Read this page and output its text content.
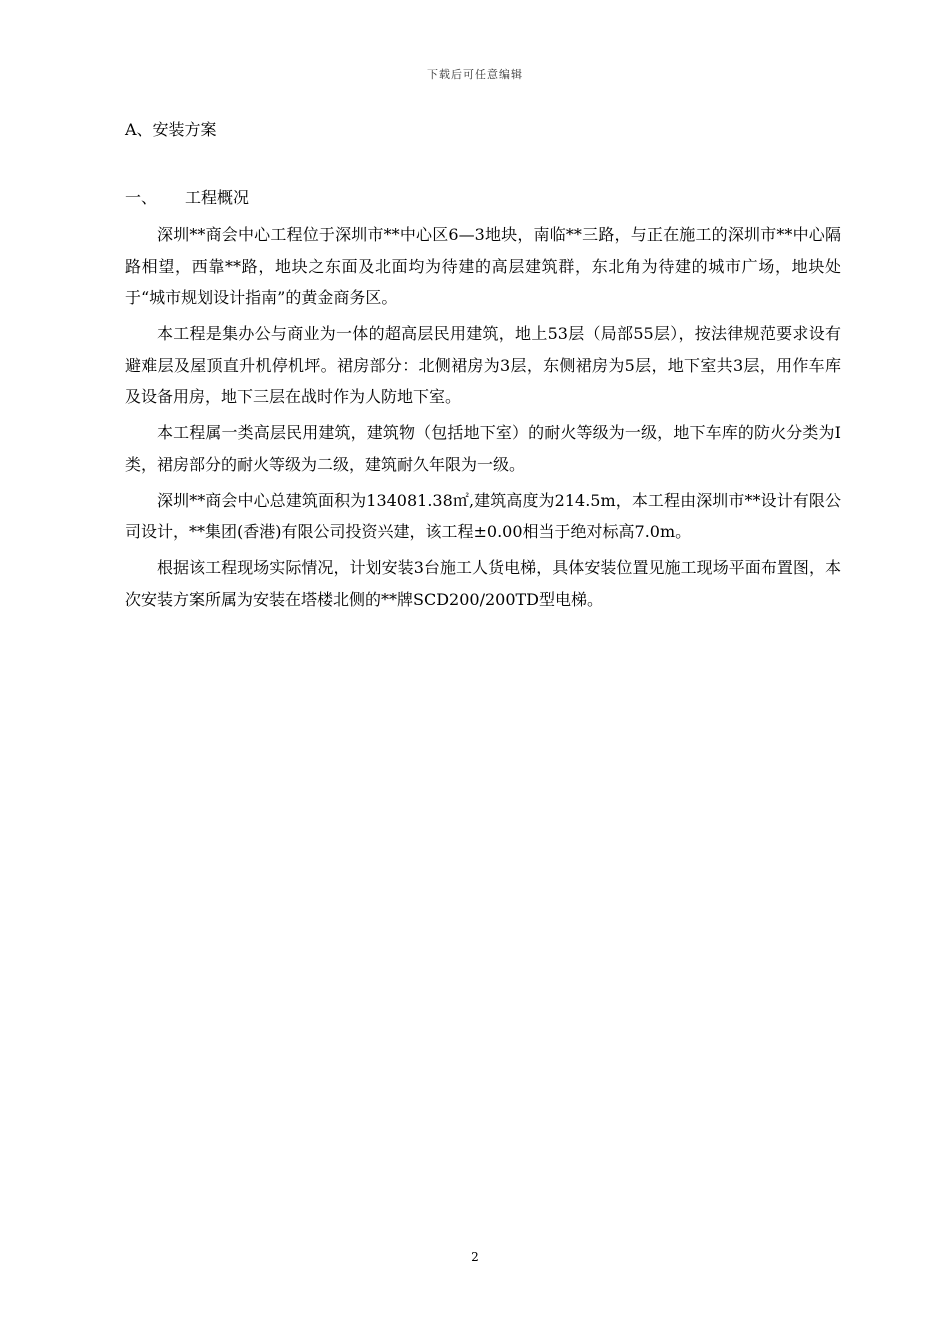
下载后可任意编辑
A、安装方案
一、 工程概况

深圳**商会中心工程位于深圳市**中心区6—3地块，南临**三路，与正在施工的深圳市**中心隔路相望，西靠**路，地块之东面及北面均为待建的高层建筑群，东北角为待建的城市广场，地块处于“城市规划设计指南”的黄金商务区。

本工程是集办公与商业为一体的超高层民用建筑，地上53层（局部55层），按法律规范要求设有避难层及屋顶直升机停机坪。裙房部分：北侧裙房为3层，东侧裙房为5层，地下室共3层，用作车库及设备用房，地下三层在战时作为人防地下室。

本工程属一类高层民用建筑，建筑物（包括地下室）的耐火等级为一级，地下车库的防火分类为Ⅰ类，裙房部分的耐火等级为二级，建筑耐久年限为一级。

深圳**商会中心总建筑面积为134081.38㎡,建筑高度为214.5m，本工程由深圳市**设计有限公司设计，**集团(香港)有限公司投资兴建，该工程±0.00相当于绝对标高7.0m。

根据该工程现场实际情况，计划安装3台施工人货电梯，具体安装位置见施工现场平面布置图，本次安装方案所属为安装在塔楼北侧的**牌SCD200/200TD型电梯。

2
